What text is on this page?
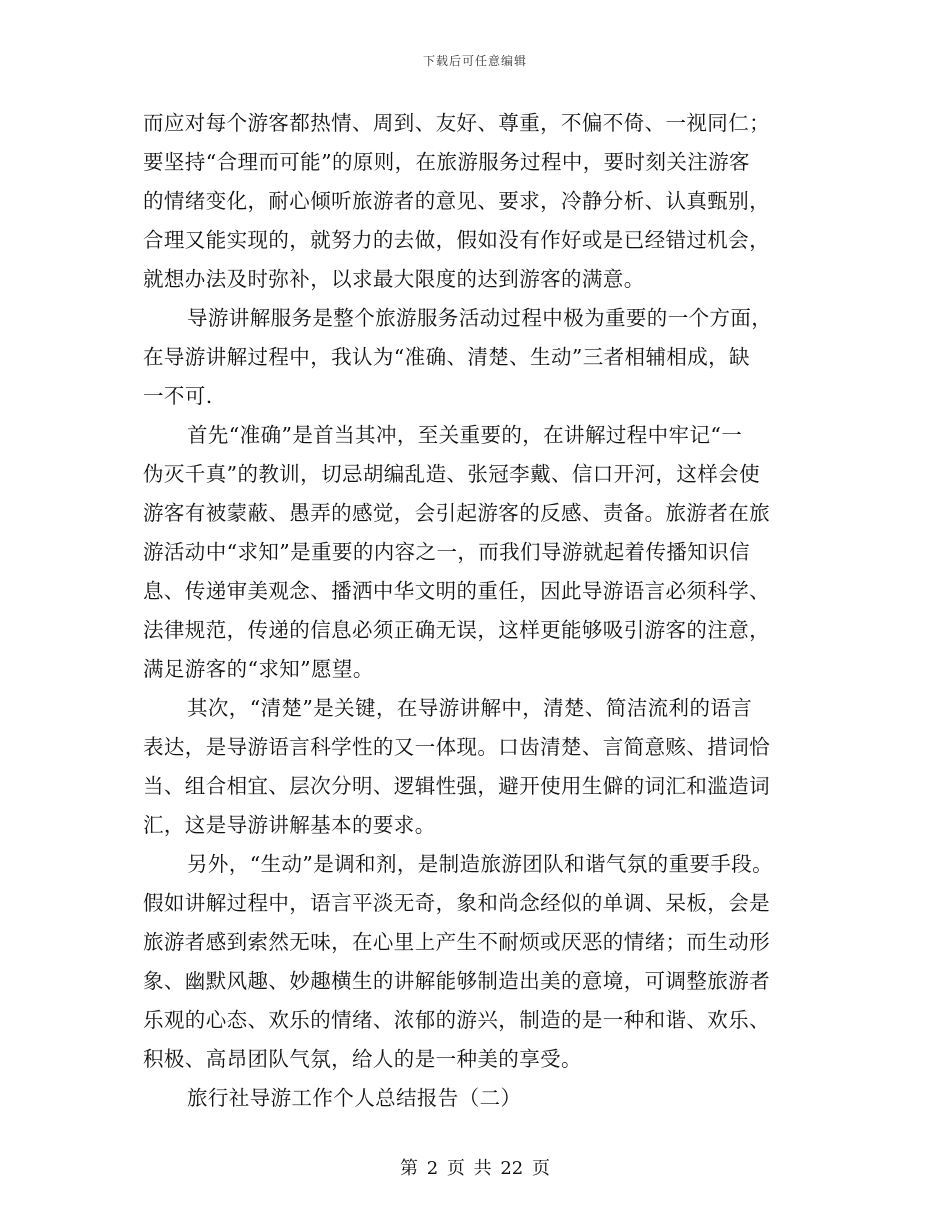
下载后可任意编辑
而应对每个游客都热情、周到、友好、尊重，不偏不倚、一视同仁；
要坚持“合理而可能”的原则，在旅游服务过程中，要时刻关注游客
的情绪变化，耐心倾听旅游者的意见、要求，冷静分析、认真甄别，
合理又能实现的，就努力的去做，假如没有作好或是已经错过机会，
就想办法及时弥补，以求最大限度的达到游客的满意。
导游讲解服务是整个旅游服务活动过程中极为重要的一个方面，
在导游讲解过程中，我认为“准确、清楚、生动”三者相辅相成，缺
一不可.
首先“准确”是首当其冲，至关重要的，在讲解过程中牢记“一
伪灭千真”的教训，切忌胡编乱造、张冠李戴、信口开河，这样会使
游客有被蒙蔽、愚弄的感觉，会引起游客的反感、责备。旅游者在旅
游活动中“求知”是重要的内容之一，而我们导游就起着传播知识信
息、传递审美观念、播洒中华文明的重任，因此导游语言必须科学、
法律规范，传递的信息必须正确无误，这样更能够吸引游客的注意，
满足游客的“求知”愿望。
其次，“清楚”是关键，在导游讲解中，清楚、简洁流利的语言
表达，是导游语言科学性的又一体现。口齿清楚、言简意赅、措词恰
当、组合相宜、层次分明、逻辑性强，避开使用生僻的词汇和滥造词
汇，这是导游讲解基本的要求。
另外，“生动”是调和剂，是制造旅游团队和谐气氛的重要手段。
假如讲解过程中，语言平淡无奇，象和尚念经似的单调、呆板，会是
旅游者感到索然无味，在心里上产生不耐烦或厌恶的情绪；而生动形
象、幽默风趣、妙趣横生的讲解能够制造出美的意境，可调整旅游者
乐观的心态、欢乐的情绪、浓郁的游兴，制造的是一种和谐、欢乐、
积极、高昂团队气氛，给人的是一种美的享受。
旅行社导游工作个人总结报告（二）
第 2 页 共 22 页
